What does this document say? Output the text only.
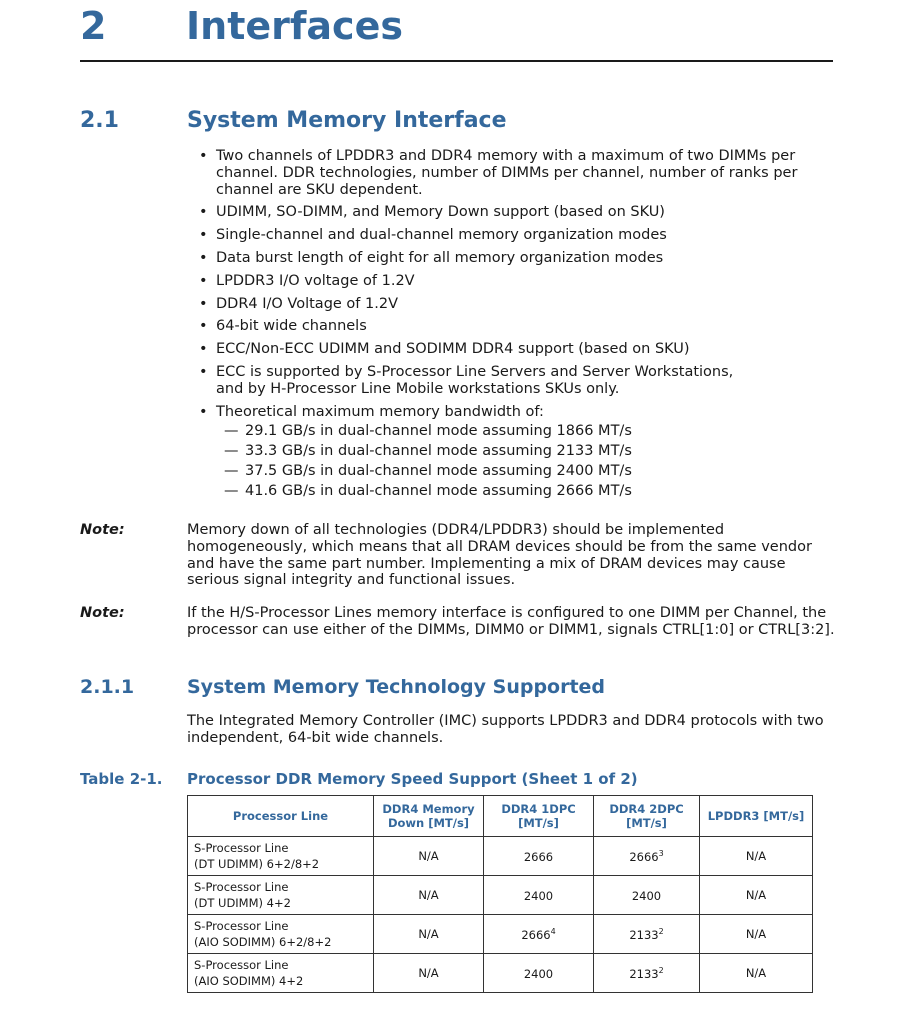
2 Interfaces
2.1	System Memory Interface
• Two channels of LPDDR3 and DDR4 memory with a maximum of two DIMMs per channel. DDR technologies, number of DIMMs per channel, number of ranks per channel are SKU dependent.
• UDIMM, SO-DIMM, and Memory Down support (based on SKU)
• Single-channel and dual-channel memory organization modes
• Data burst length of eight for all memory organization modes
• LPDDR3 I/O voltage of 1.2V
• DDR4 I/O Voltage of 1.2V
• 64-bit wide channels
• ECC/Non-ECC UDIMM and SODIMM DDR4 support (based on SKU)
• ECC is supported by S-Processor Line Servers and Server Workstations, and by H-Processor Line Mobile workstations SKUs only.
• Theoretical maximum memory bandwidth of:
— 29.1 GB/s in dual-channel mode assuming 1866 MT/s
— 33.3 GB/s in dual-channel mode assuming 2133 MT/s
— 37.5 GB/s in dual-channel mode assuming 2400 MT/s
— 41.6 GB/s in dual-channel mode assuming 2666 MT/s
Note:	Memory down of all technologies (DDR4/LPDDR3) should be implemented homogeneously, which means that all DRAM devices should be from the same vendor and have the same part number. Implementing a mix of DRAM devices may cause serious signal integrity and functional issues.
Note:	If the H/S-Processor Lines memory interface is configured to one DIMM per Channel, the processor can use either of the DIMMs, DIMM0 or DIMM1, signals CTRL[1:0] or CTRL[3:2].
2.1.1	System Memory Technology Supported
The Integrated Memory Controller (IMC) supports LPDDR3 and DDR4 protocols with two independent, 64-bit wide channels.
Table 2-1. Processor DDR Memory Speed Support (Sheet 1 of 2)
Processor Line	DDR4 Memory Down [MT/s]	DDR4 1DPC [MT/s]	DDR4 2DPC [MT/s]	LPDDR3 [MT/s]
S-Processor Line
(DT UDIMM) 6+2/8+2	N/A	2666	2666$^3$	N/A
S-Processor Line
(DT UDIMM) 4+2	N/A	2400	2400	N/A
S-Processor Line
(AIO SODIMM) 6+2/8+2	N/A	2666$^4$	2133$^2$	N/A
S-Processor Line
(AIO SODIMM) 4+2	N/A	2400	2133$^2$	N/A
